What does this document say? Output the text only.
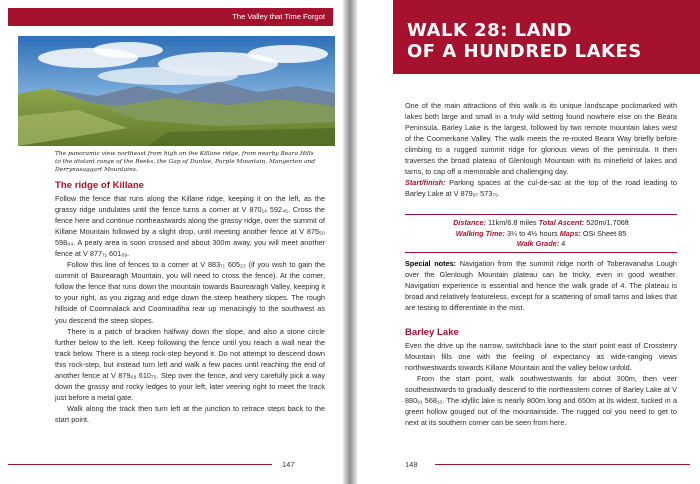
The Valley that Time Forgot
The panoramic view northeast from high on the Killane ridge, from nearby Beara Hills to the distant range of the Reeks, the Gap of Dunloe, Purple Mountain, Mangerton and Derrynasaggart Mountains.
The ridge of Killane

Follow the fence that runs along the Killane ridge, keeping it on the left, as the grassy ridge undulates until the fence turns a corner at V 870₁₄ 592₄₅. Cross the fence here and continue northeastwards along the grassy ridge, over the summit of Killane Mountain followed by a slight drop, until meeting another fence at V 875₅₀ 598₈₄. A peaty area is soon crossed and about 300m away, you will meet another fence at V 877₇₁ 601₀₉.

Follow this line of fences to a corner at V 883₇₁ 605₂₃ (if you wish to gain the summit of Baurearagh Mountain, you will need to cross the fence). At the corner, follow the fence that runs down the mountain towards Baurearagh Valley, keeping it to your right, as you zigzag and edge down the steep heathery slopes. The rough hillside of Coomnalack and Coomnadiha rear up menacingly to the southwest as you descend the steep slopes.

There is a patch of bracken halfway down the slope, and also a stone circle further below to the left. Keep following the fence until you reach a wall near the track below. There is a steep rock-step beyond it. Do not attempt to descend down this rock-step, but instead turn left and walk a few paces until reaching the end of another fence at V 879₆₈ 610₇₅. Step over the fence, and very carefully pick a way down the grassy and rocky ledges to your left, later veering right to meet the track just before a metal gate.

Walk along the track then turn left at the junction to retrace steps back to the start point.

147
WALK 28: LAND
OF A HUNDRED LAKES

One of the main attractions of this walk is its unique landscape pockmarked with lakes both large and small in a truly wild setting found nowhere else on the Beara Peninsula. Barley Lake is the largest, followed by two remote mountain lakes west of the Coomerkane Valley. The walk meets the re-routed Beara Way briefly before climbing to a rugged summit ridge for glorious views of the peninsula. It then traverses the broad plateau of Glenlough Mountain with its minefield of lakes and tarns, to cap off a memorable and challenging day.

Start/finish: Parking spaces at the cul-de-sac at the top of the road leading to Barley Lake at V 879₉₇ 573₇₅.

Distance: 11km/6.8 miles Total Ascent: 520m/1,706ft
Walking Time: 3¼ to 4½ hours Maps: OSi Sheet 85
Walk Grade: 4

Special notes: Navigation from the summit ridge north of Toberavanaha Lough over the Glenlough Mountain plateau can be tricky, even in good weather. Navigation experience is essential and hence the walk grade of 4. The plateau is broad and relatively featureless, except for a scattering of small tarns and lakes that are testing to differentiate in the mist.

Barley Lake

Even the drive up the narrow, switchback lane to the start point east of Crossterry Mountain fills one with the feeling of expectancy as wide-ranging views northwestwards towards Killane Mountain and the valley below unfold.

From the start point, walk southwestwards for about 300m, then veer southeastwards to gradually descend to the northeastern corner of Barley Lake at V 880₉₁ 568₁₃. The idyllic lake is nearly 800m long and 650m at its widest, tucked in a green hollow gouged out of the mountainside. The rugged col you need to get to next at its southern corner can be seen from here.

148
